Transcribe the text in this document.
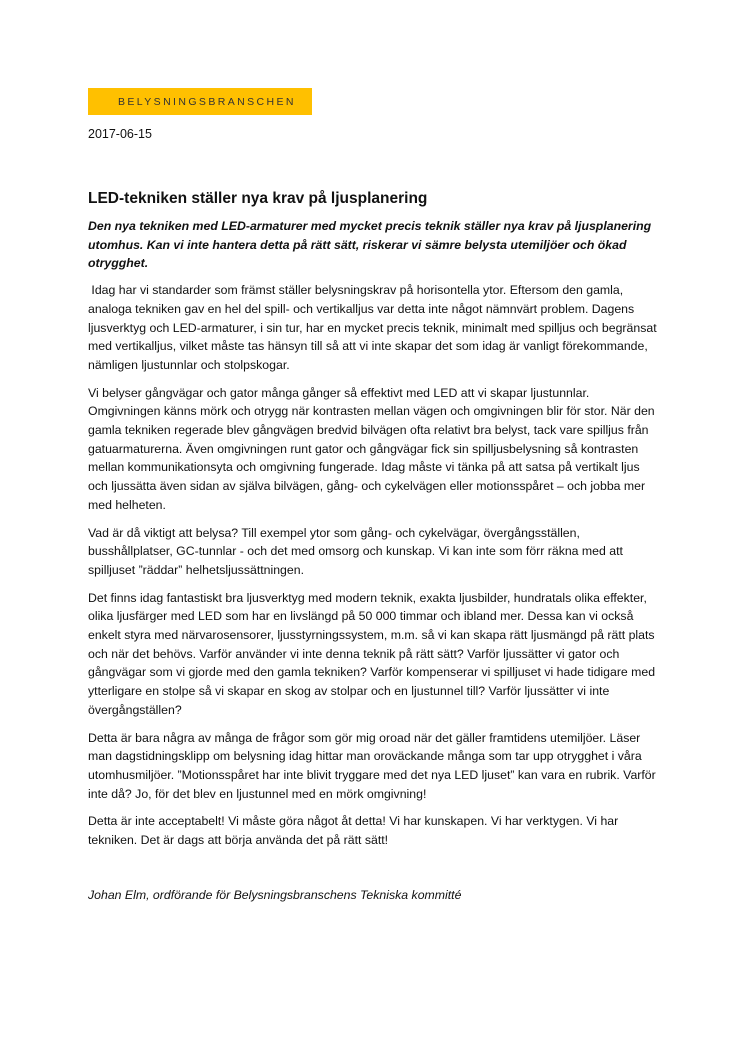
BELYSNINGSBRANSCHEN
2017-06-15
LED-tekniken ställer nya krav på ljusplanering

Den nya tekniken med LED-armaturer med mycket precis teknik ställer nya krav på ljusplanering utomhus. Kan vi inte hantera detta på rätt sätt, riskerar vi sämre belysta utemiljöer och ökad otrygghet.

Idag har vi standarder som främst ställer belysningskrav på horisontella ytor. Eftersom den gamla, analoga tekniken gav en hel del spill- och vertikalljus var detta inte något nämnvärt problem. Dagens ljusverktyg och LED-armaturer, i sin tur, har en mycket precis teknik, minimalt med spilljus och begränsat med vertikalljus, vilket måste tas hänsyn till så att vi inte skapar det som idag är vanligt förekommande, nämligen ljustunnlar och stolpskogar.

Vi belyser gångvägar och gator många gånger så effektivt med LED att vi skapar ljustunnlar. Omgivningen känns mörk och otrygg när kontrasten mellan vägen och omgivningen blir för stor. När den gamla tekniken regerade blev gångvägen bredvid bilvägen ofta relativt bra belyst, tack vare spilljus från gatuarmaturerna. Även omgivningen runt gator och gångvägar fick sin spilljusbelysning så kontrasten mellan kommunikationsyta och omgivning fungerade. Idag måste vi tänka på att satsa på vertikalt ljus och ljussätta även sidan av själva bilvägen, gång- och cykelvägen eller motionsspåret – och jobba mer med helheten.

Vad är då viktigt att belysa? Till exempel ytor som gång- och cykelvägar, övergångsställen, busshållplatser, GC-tunnlar - och det med omsorg och kunskap. Vi kan inte som förr räkna med att spilljuset ”räddar” helhetsljussättningen.

Det finns idag fantastiskt bra ljusverktyg med modern teknik, exakta ljusbilder, hundratals olika effekter, olika ljusfärger med LED som har en livslängd på 50 000 timmar och ibland mer. Dessa kan vi också enkelt styra med närvarosensorer, ljusstyrningssystem, m.m. så vi kan skapa rätt ljusmängd på rätt plats och när det behövs. Varför använder vi inte denna teknik på rätt sätt? Varför ljussätter vi gator och gångvägar som vi gjorde med den gamla tekniken? Varför kompenserar vi spilljuset vi hade tidigare med ytterligare en stolpe så vi skapar en skog av stolpar och en ljustunnel till? Varför ljussätter vi inte övergångställen?

Detta är bara några av många de frågor som gör mig oroad när det gäller framtidens utemiljöer. Läser man dagstidningsklipp om belysning idag hittar man oroväckande många som tar upp otrygghet i våra utomhusmiljöer. ”Motionsspåret har inte blivit tryggare med det nya LED ljuset” kan vara en rubrik. Varför inte då? Jo, för det blev en ljustunnel med en mörk omgivning!

Detta är inte acceptabelt! Vi måste göra något åt detta! Vi har kunskapen. Vi har verktygen. Vi har tekniken. Det är dags att börja använda det på rätt sätt!

Johan Elm, ordförande för Belysningsbranschens Tekniska kommitté
